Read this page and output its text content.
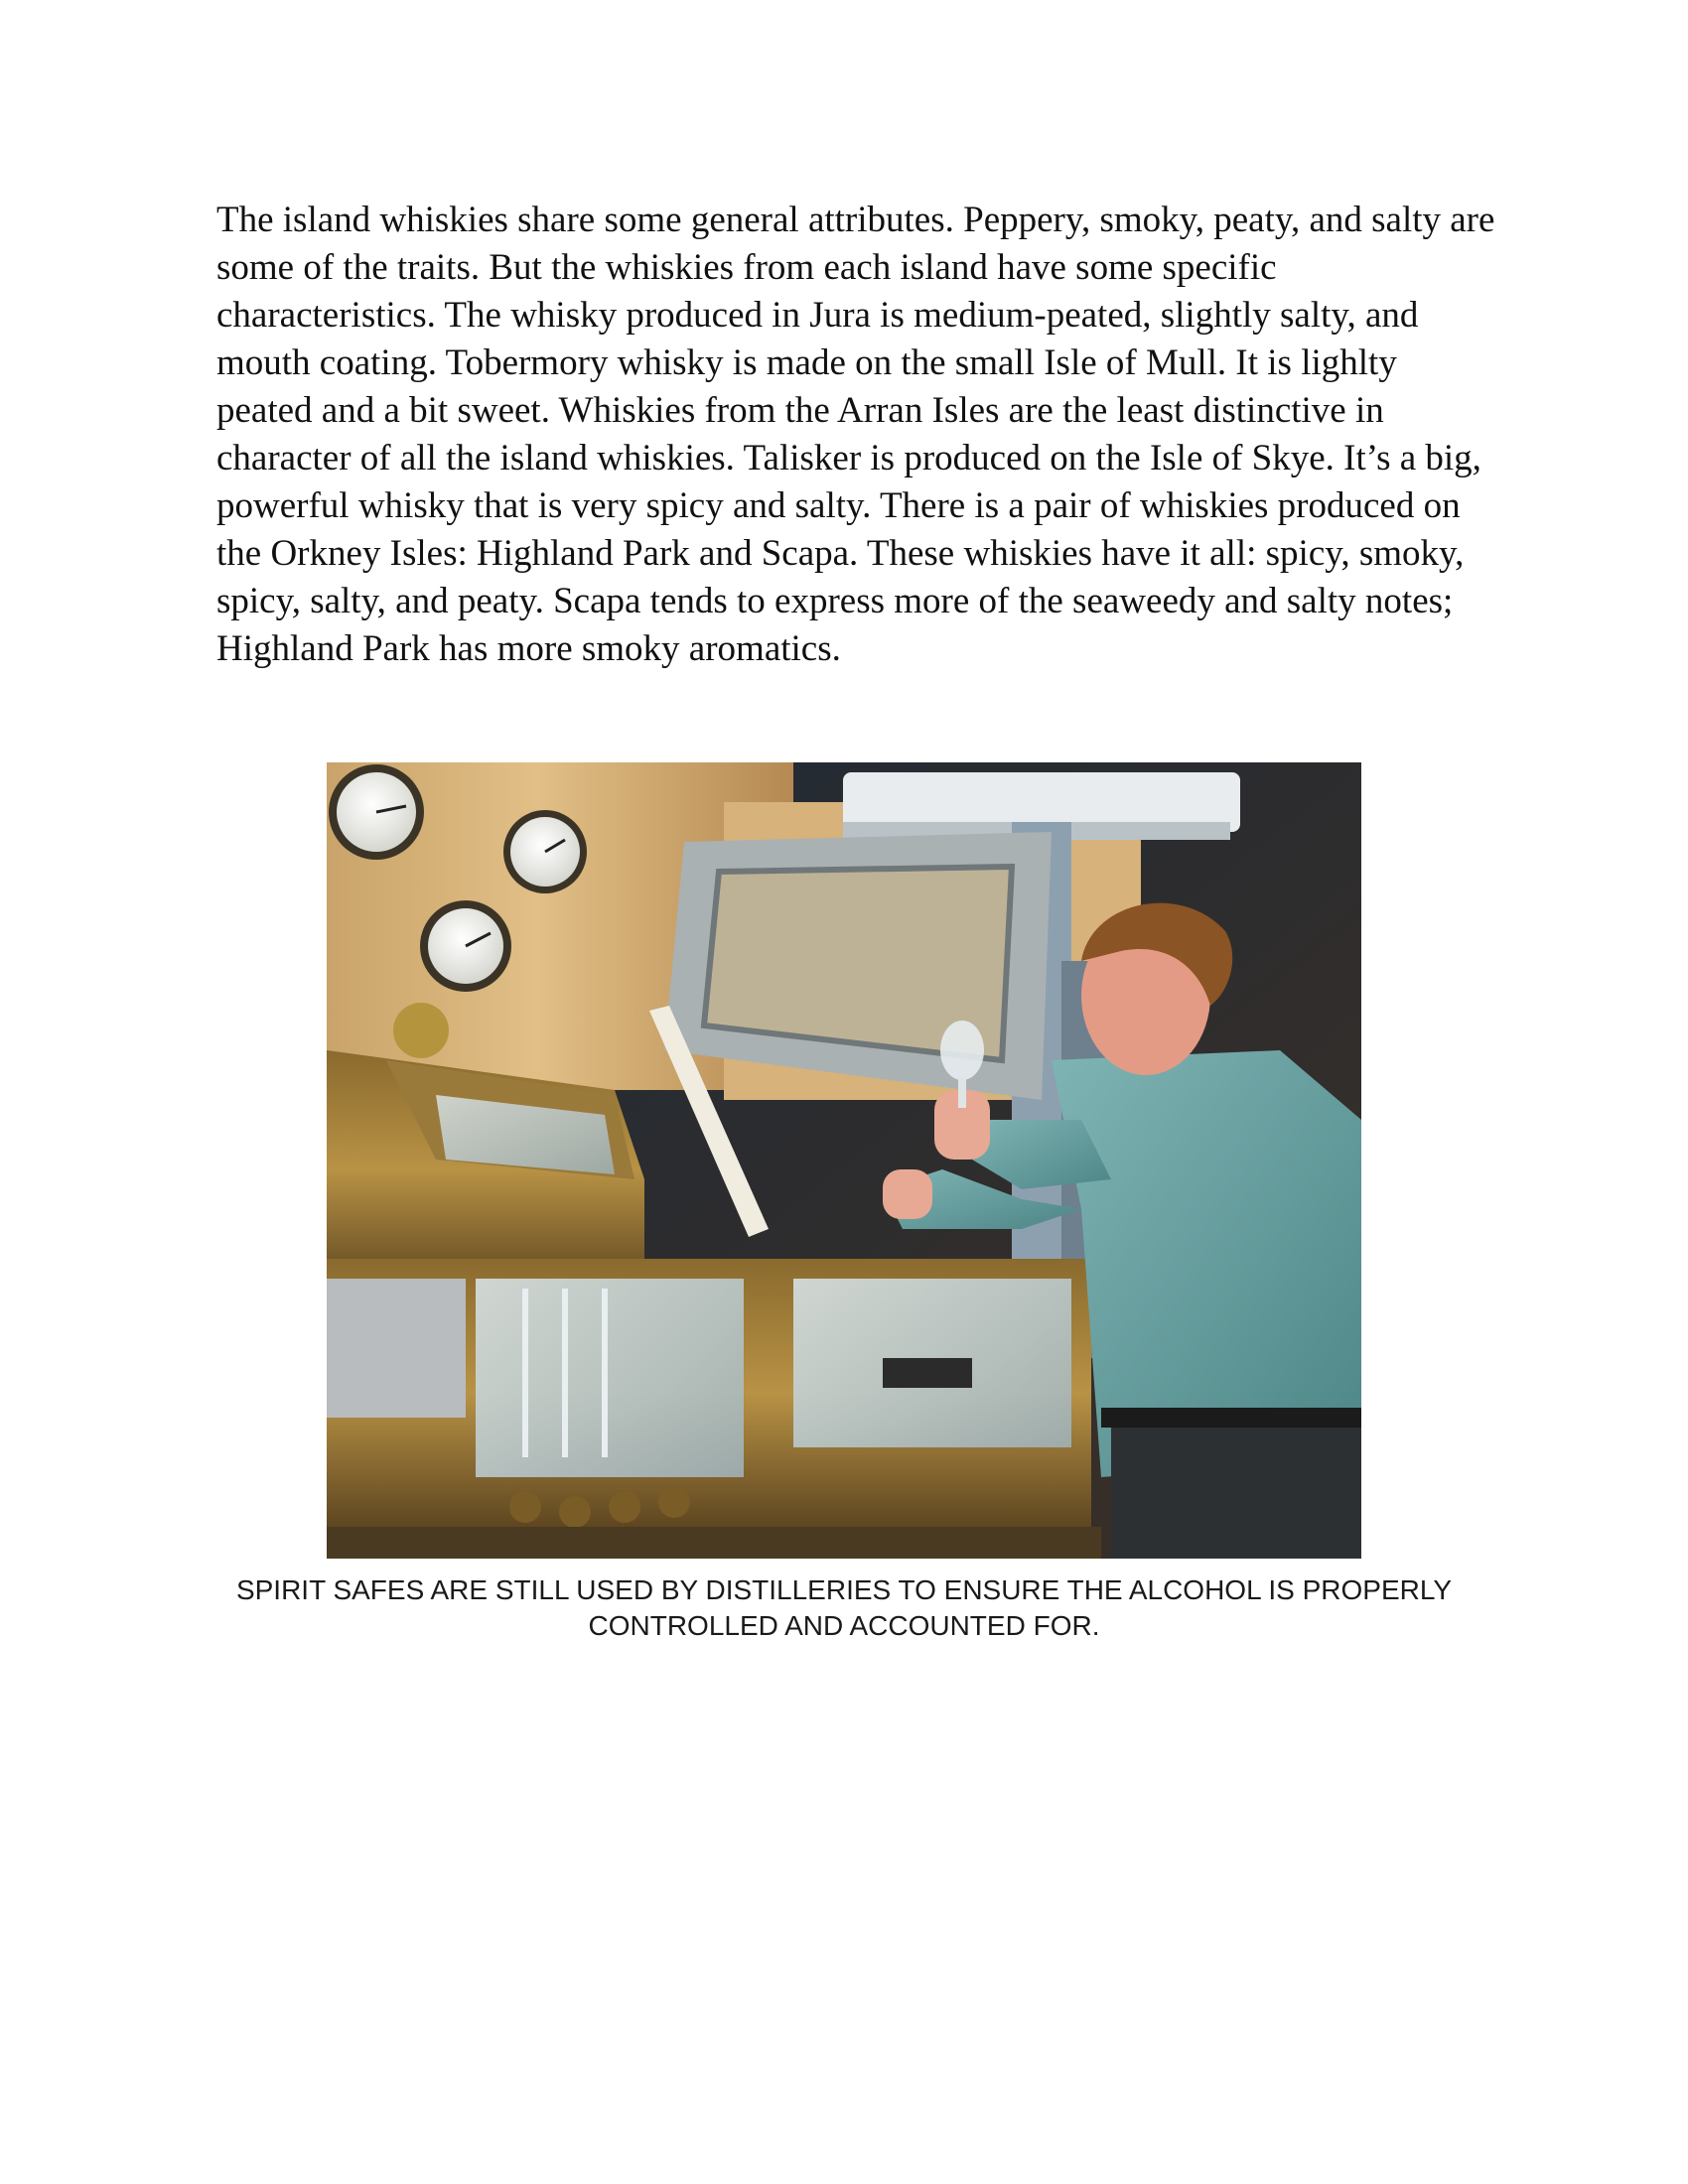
The island whiskies share some general attributes. Peppery, smoky, peaty, and salty are some of the traits. But the whiskies from each island have some specific characteristics. The whisky produced in Jura is medium-peated, slightly salty, and mouth coating. Tobermory whisky is made on the small Isle of Mull. It is lighlty peated and a bit sweet. Whiskies from the Arran Isles are the least distinctive in character of all the island whiskies. Talisker is produced on the Isle of Skye. It’s a big, powerful whisky that is very spicy and salty. There is a pair of whiskies produced on the Orkney Isles: Highland Park and Scapa. These whiskies have it all: spicy, smoky, spicy, salty, and peaty. Scapa tends to express more of the seaweedy and salty notes; Highland Park has more smoky aromatics.

SPIRIT SAFES ARE STILL USED BY DISTILLERIES TO ENSURE THE ALCOHOL IS PROPERLY CONTROLLED AND ACCOUNTED FOR.
